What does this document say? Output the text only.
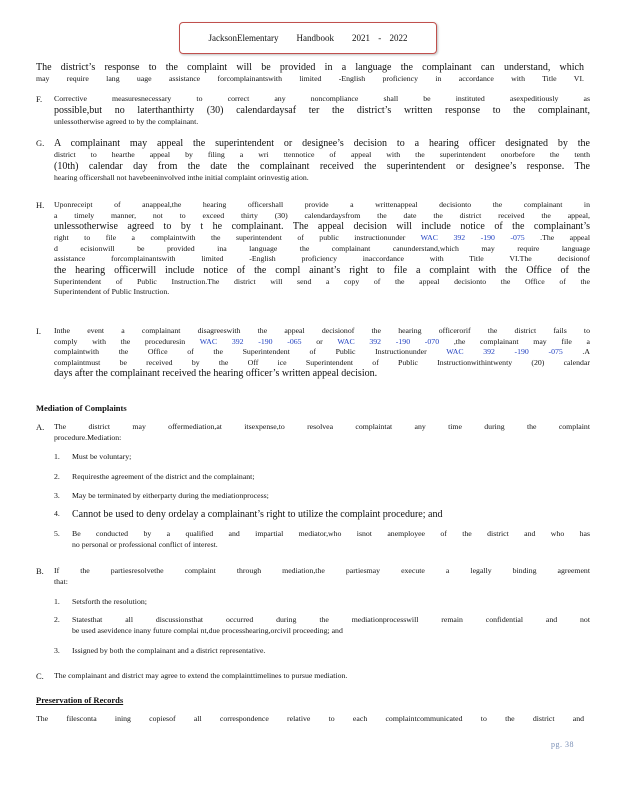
JacksonElementary Handbook 2021 - 2022
The district’s response to the complaint will be provided in a language the complainant can understand, which
may require lang uage assistance forcomplainantswith limited -English proficiency in accordance with Title VI.
F. Corrective measuresnecessary to correct any noncompliance shall be instituted asexpeditiously as
possible,but no laterthanthirty (30) calendardaysaf ter the district’s written response to the complainant,
unlessotherwise agreed to by the complainant.
G. A complainant may appeal the superintendent or designee’s decision to a hearing officer designated by the
district to hearthe appeal by filing a wri ttennotice of appeal with the superintendent onorbefore the tenth
(10th) calendar day from the date the complainant received the superintendent or designee’s response. The
hearing officershall not havebeeninvolved inthe initial complaint orinvestig ation.
H. Uponreceipt of anappeal,the hearing officershall provide a writtenappeal decisionto the complainant in
a timely manner, not to exceed thirty (30) calendardaysfrom the date the district received the appeal,
unlessotherwise agreed to by t he complainant. The appeal decision will include notice of the complainant’s
right to file a complaintwith the superintendent of public instructionunder WAC 392 -190 -075 .The appeal
d ecisionwill be provided ina language the complainant canunderstand,which may require language
assistance forcomplainantswith limited -English proficiency inaccordance with Title VI.The decisionof
the hearing officerwill include notice of the compl ainant’s right to file a complaint with the Office of the
Superintendent of Public Instruction.The district will send a copy of the appeal decisionto the Office of the
Superintendent of Public Instruction.
I. Inthe event a complainant disagreeswith the appeal decisionof the hearing officerorif the district fails to
comply with the proceduresin WAC 392 -190 -065 or WAC 392 -190 -070 ,the complainant may file a
complaintwith the Office of the Superintendent of Public Instructionunder WAC 392 -190 -075 .A
complaintmust be received by the Off ice Superintendent of Public Instructionwithintwenty (20) calendar
days after the complainant received the hearing officer’s written appeal decision.
Mediation of Complaints
A. The district may offermediation,at itsexpense,to resolvea complaintat any time during the complaint
procedure.Mediation:
1. Must be voluntary;
2. Requiresthe agreement of the district and the complainant;
3. May be terminated by eitherparty during the mediationprocess;
4. Cannot be used to deny ordelay a complainant’s right to utilize the complaint procedure; and
5. Be conducted by a qualified and impartial mediator,who isnot anemployee of the district and who has
no personal or professional conflict of interest.
B. If the partiesresolvethe complaint through mediation,the partiesmay execute a legally binding agreement
that:
1. Setsforth the resolution;
2. Statesthat all discussionsthat occurred during the mediationprocesswill remain confidential and not
be used asevidence inany future complai nt,due processhearing,orcivil proceeding; and
3. Issigned by both the complainant and a district representative.
C. The complainant and district may agree to extend the complainttimelines to pursue mediation.
Preservation of Records
The filesconta ining copiesof all correspondence relative to each complaintcommunicated to the district and
pg. 38
